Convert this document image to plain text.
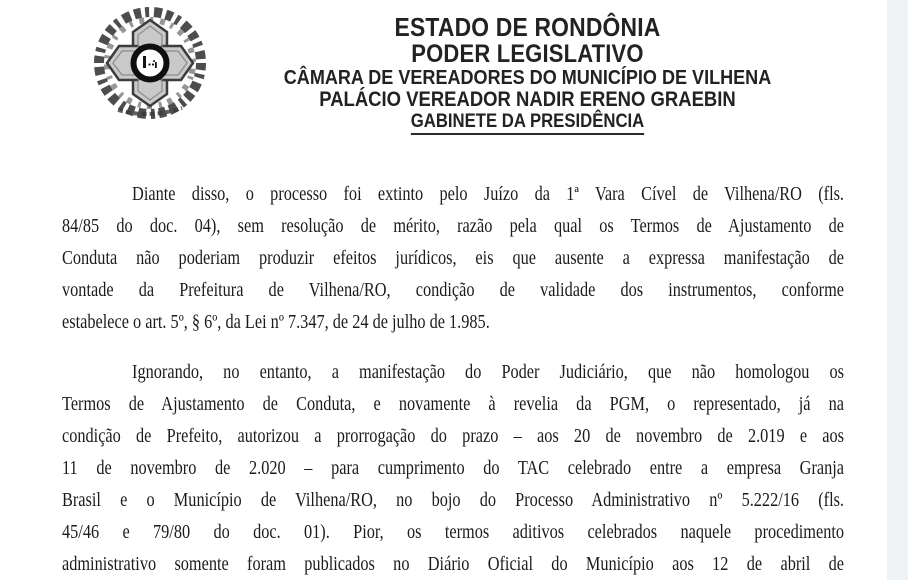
ESTADO DE RONDÔNIA
PODER LEGISLATIVO
CÂMARA DE VEREADORES DO MUNICÍPIO DE VILHENA
PALÁCIO VEREADOR NADIR ERENO GRAEBIN
GABINETE DA PRESIDÊNCIA
Diante disso, o processo foi extinto pelo Juízo da 1ª Vara Cível de Vilhena/RO (fls.
84/85 do doc. 04), sem resolução de mérito, razão pela qual os Termos de Ajustamento de
Conduta não poderiam produzir efeitos jurídicos, eis que ausente a expressa manifestação de
vontade da Prefeitura de Vilhena/RO, condição de validade dos instrumentos, conforme
estabelece o art. 5º, § 6º, da Lei nº 7.347, de 24 de julho de 1.985.
Ignorando, no entanto, a manifestação do Poder Judiciário, que não homologou os
Termos de Ajustamento de Conduta, e novamente à revelia da PGM, o representado, já na
condição de Prefeito, autorizou a prorrogação do prazo – aos 20 de novembro de 2.019 e aos
11 de novembro de 2.020 – para cumprimento do TAC celebrado entre a empresa Granja
Brasil e o Município de Vilhena/RO, no bojo do Processo Administrativo nº 5.222/16 (fls.
45/46 e 79/80 do doc. 01). Pior, os termos aditivos celebrados naquele procedimento
administrativo somente foram publicados no Diário Oficial do Município aos 12 de abril de
